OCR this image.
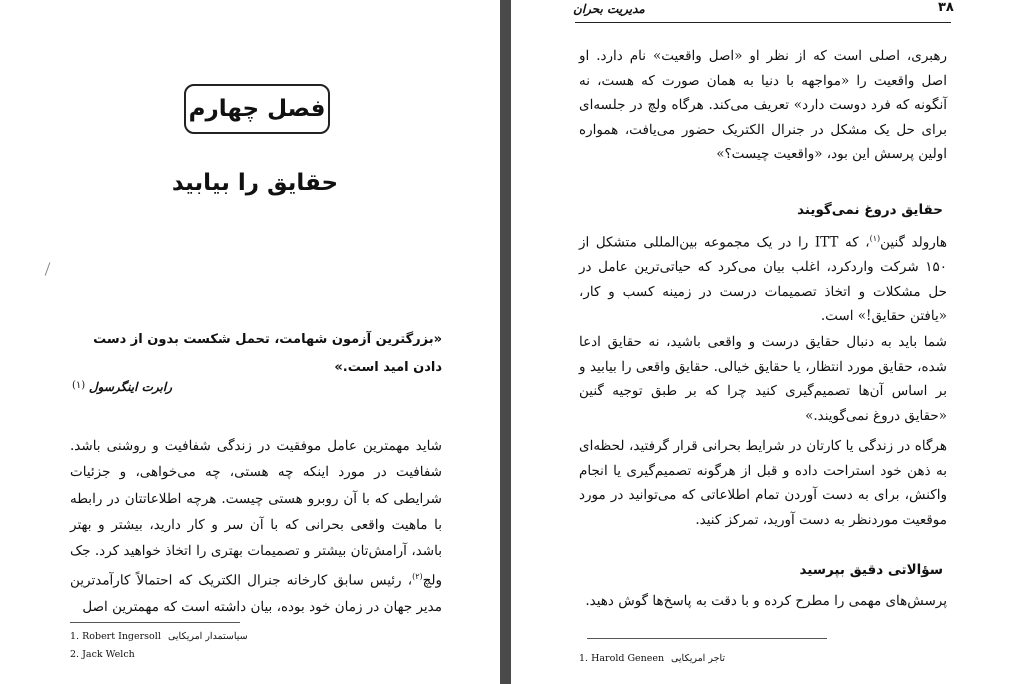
فصل چهارم
حقایق را بیابید
«بزرگترین آزمون شهامت، تحمل شکست بدون از دست دادن امید است.»
(۱) رابرت اینگرسول
شاید مهمترین عامل موفقیت در زندگی شفافیت و روشنی باشد. شفافیت در مورد اینکه چه هستی، چه می‌خواهی، و جزئیات شرایطی که با آن روبرو هستی چیست. هرچه اطلاعاتتان در رابطه با ماهیت واقعی بحرانی که با آن سر و کار دارید، بیشتر و بهتر باشد، آرامش‌تان بیشتر و تصمیمات بهتری را اتخاذ خواهید کرد. جک ولچ$^{(۲)}$، رئیس سابق کارخانه جنرال الکتریک که احتمالاً کارآمدترین مدیر جهان در زمان خود بوده، بیان داشته است که مهمترین اصل
1. Robert Ingersoll سیاستمدار امریکایی
2. Jack Welch
۳۸
مدیریت بحران
رهبری، اصلی است که از نظر او «اصل واقعیت» نام دارد. او اصل واقعیت را «مواجهه با دنیا به همان صورت که هست، نه آنگونه که فرد دوست دارد» تعریف می‌کند. هرگاه ولچ در جلسه‌ای برای حل یک مشکل در جنرال الکتریک حضور می‌یافت، همواره اولین پرسش این بود، «واقعیت چیست؟»
حقایق دروغ نمی‌گویند
هارولد گنین$^{(۱)}$، که ITT را در یک مجموعه بین‌المللی متشکل از ۱۵۰ شرکت واردکرد، اغلب بیان می‌کرد که حیاتی‌ترین عامل در حل مشکلات و اتخاذ تصمیمات درست در زمینه کسب و کار، «یافتن حقایق!» است.
شما باید به دنبال حقایق درست و واقعی باشید، نه حقایق ادعا شده، حقایق مورد انتظار، یا حقایق خیالی. حقایق واقعی را بیابید و بر اساس آن‌ها تصمیم‌گیری کنید چرا که بر طبق توجیه گنین «حقایق دروغ نمی‌گویند.»
هرگاه در زندگی یا کارتان در شرایط بحرانی قرار گرفتید، لحظه‌ای به ذهن خود استراحت داده و قبل از هرگونه تصمیم‌گیری یا انجام واکنش، برای به دست آوردن تمام اطلاعاتی که می‌توانید در مورد موقعیت موردنظر به دست آورید، تمرکز کنید.
سؤالاتی دقیق بپرسید
پرسش‌های مهمی را مطرح کرده و با دقت به پاسخ‌ها گوش دهید.
1. Harold Geneen تاجر امریکایی
